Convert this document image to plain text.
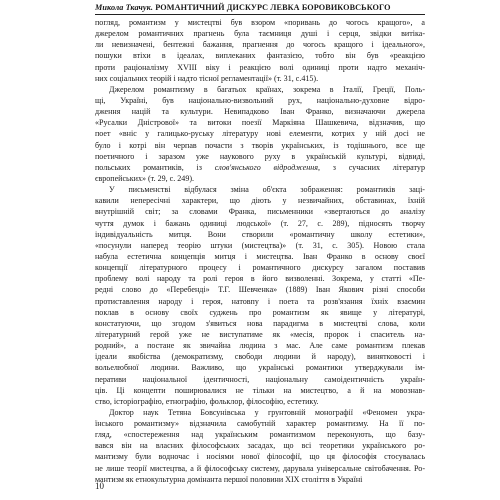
Микола Ткачук. РОМАНТИЧНИЙ ДИСКУРС ЛЕВКА БОРОВИКОВСЬКОГО
погляд, романтизм у мистецтві був взором «поривань до чогось кращого», а
джерелом романтичних прагнень була таємниця душі і серця, звідки витіка-
ли невизначені, бентежні бажання, прагнення до чогось кращого і ідеального»,
пошуки втіхи в ідеалах, виплеканих фантазією, тобто він був «реакцією
проти раціоналізму XVIII віку і реакцією волі одиниці проти надто механіч-
них соціальних теорій і надто тісної регламентації» (т. 31, с.415).
Джерелом романтизму в багатьох країнах, зокрема в Італії, Греції, Поль-
щі, Україні, був національно-визвольний рух, національно-духовне відро-
дження націй та культури. Невипадково Іван Франко, визначаючи джерела
«Русалки Дністрової» та витоки поезії Маркіяна Шашкевича, відзначив, що
поет «вніс у галицько-руську літературу нові елементи, котрих у ній досі не
було і котрі він черпав почасти з творів українських, із тодішнього, все ще
поетичного і заразом уже наукового руху в українській культурі, відвиді,
польських романтиків, із слов'янського відродження, з сучасних літератур
європейських» (т. 29, с. 249).
У письменстві відбулася зміна об'єкта зображення: романтиків заці-
кавили непересічні характери, що діють у незвичайних, обставинах, їхній
внутрішній світ; за словами Франка, письменники «звертаються до аналізу
чуття думок і бажань одиниці людської» (т. 27, с. 289), підносять творчу
індивідуальність митця. Вони створили «романтичну школу естетики»,
«посунули наперед теорію штуки (мистецтва)» (т. 31, с. 305). Новою стала
набула естетична концепція митця і мистецтва. Іван Франко в основу своєї
концепції літературного процесу і романтичного дискурсу загалом поставив
проблему волі народу та ролі героя в його визволенні. Зокрема, у статті «Пе-
редні слово до «Перебендi» Т.Г. Шевченка» (1889) Іван Якович різні способи
протиставлення народу і героя, натовпу і поета та розв'язання їхніх взаємин
поклав в основу своїх суджень про романтизм як явище у літературі,
констатуючи, що згодом з'явиться нова парадигма в мистецтві слова, коли
літературний герой уже не виступатиме як «месія, пророк і спаситель на-
родний», а постане як звичайна людина з мас. Але саме романтизм плекав
ідеали якобіства (демократизму, свободи людини й народу), винятковості і
вольелюбної людини. Важливо, що українські романтики утверджували ім-
перативи національної ідентичності, національну самоідентичність україн-
ців. Ці концепти поширювалися не тільки на мистецтво, а й на мовознав-
ство, історіографію, етнографію, фольклор, філософію, естетику.
Доктор наук Тетяна Бовсунівська у грунтовній монографії «Феномен укра-
їнського романтизму» відзначила самобутній характер романтизму. На її по-
гляд, «спостереження над українським романтизмом переконують, що базу-
вався він на власних філософських засадах, що всі теоретики українського ро-
мантизму були водночас і носіями нової філософії, що ця філософія стосувалась
не лише теорії мистецтва, а й філософську систему, дарувала універсальне світобачення. Ро-
мантизм як етнокультурна домінанта першої половини XIX століття в Україні
10
